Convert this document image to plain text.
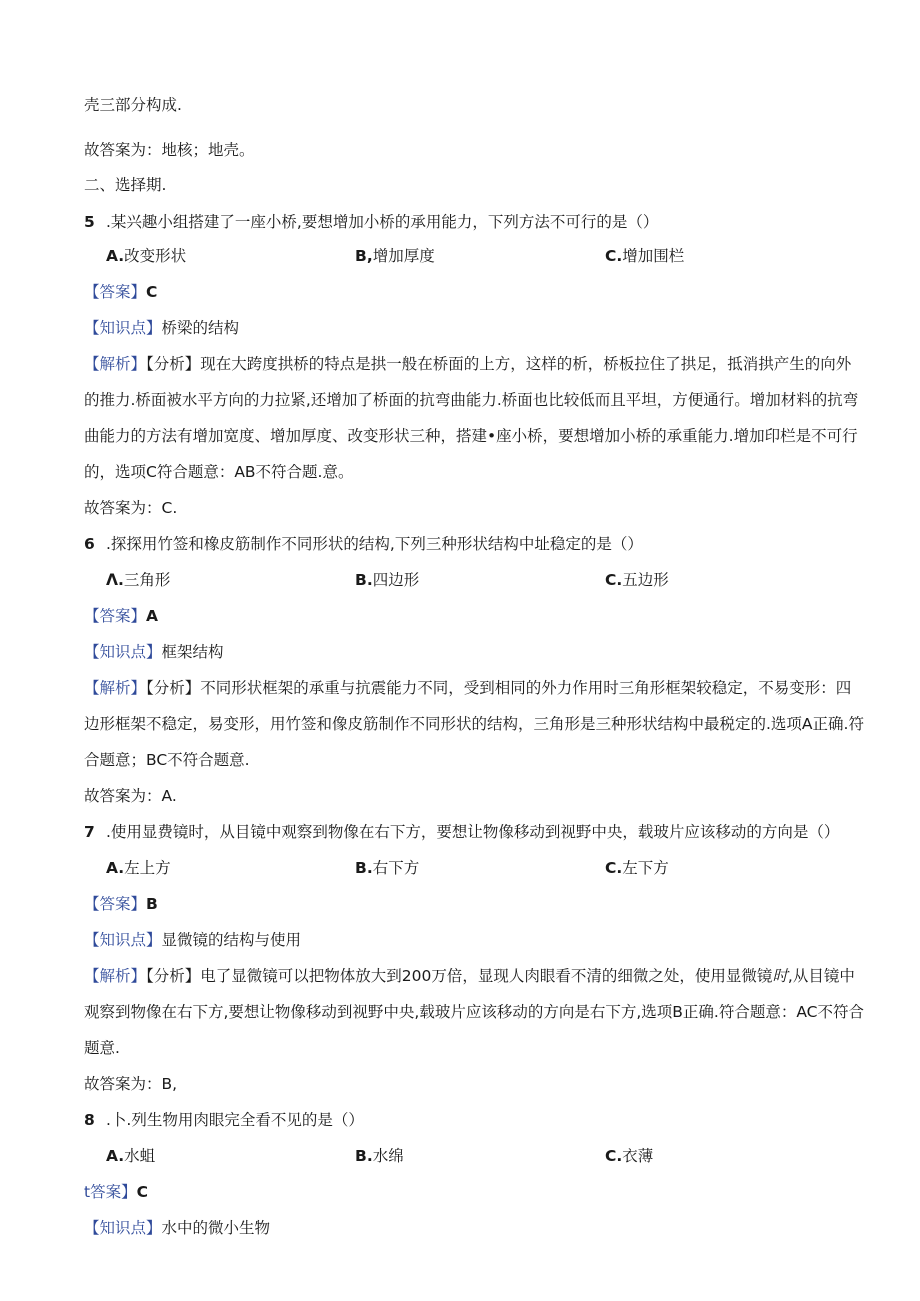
壳三部分构成.
故答案为：地核；地壳。
二、选择期.
5 .某兴趣小组搭建了一座小桥,要想增加小桥的承用能力，下列方法不可行的是（）
A.改变形状	B,增加厚度	C.增加围栏
【答案】C
【知识点】桥梁的结构
【解析】【分析】现在大跨度拱桥的特点是拱一般在桥面的上方，这样的析，桥板拉住了拱足，抵消拱产生的向外
的推力.桥面被水平方向的力拉紧,还增加了桥面的抗弯曲能力.桥面也比较低而且平坦，方便通行。增加材料的抗弯
曲能力的方法有增加宽度、增加厚度、改变形状三种，搭建•座小桥，要想增加小桥的承重能力.增加印栏是不可行
的，选项C符合题意：AB不符合题.意。
故答案为：C.
6 .探探用竹签和橡皮筋制作不同形状的结构,下列三种形状结构中址稳定的是（）
Λ.三角形	B.四边形	C.五边形
【答案】A
【知识点】框架结构
【解析】【分析】不同形状框架的承重与抗震能力不同，受到相同的外力作用时三角形框架较稳定，不易变形：四
边形框架不稳定，易变形，用竹签和像皮筋制作不同形状的结构，三角形是三种形状结构中最税定的.选项A正确.符
合题意；BC不符合题意.
故答案为：A.
7 .使用显费镜时，从目镜中观察到物像在右下方，要想让物像移动到视野中央，载玻片应该移动的方向是（）
A.左上方	B.右下方	C.左下方
【答案】B
【知识点】显微镜的结构与使用
【解析】【分析】电了显微镜可以把物体放大到200万倍，显现人肉眼看不清的细微之处，使用显微镜时,从目镜中
观察到物像在右下方,要想让物像移动到视野中央,载玻片应该移动的方向是右下方,选项B正确.符合题意：AC不符合
题意.
故答案为：B,
8 .卜.列生物用肉眼完全看不见的是（）
A.水蛆	B.水绵	C.衣薄
t答案】C
【知识点】水中的微小生物
